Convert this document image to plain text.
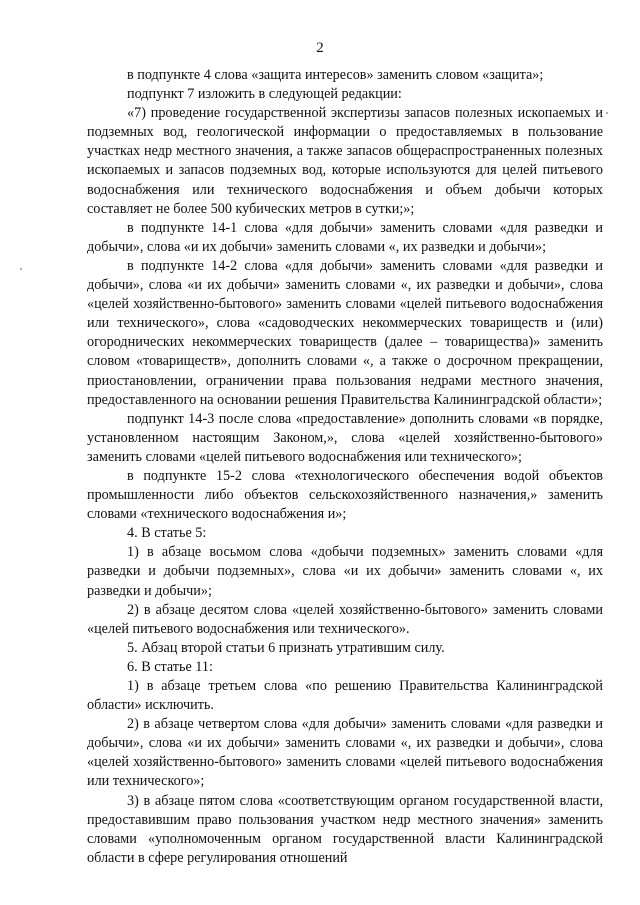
2

в подпункте 4 слова «защита интересов» заменить словом «защита»;

подпункт 7 изложить в следующей редакции:

«7) проведение государственной экспертизы запасов полезных ископаемых и подземных вод, геологической информации о предоставляемых в пользование участках недр местного значения, а также запасов общераспространенных полезных ископаемых и запасов подземных вод, которые используются для целей питьевого водоснабжения или технического водоснабжения и объем добычи которых составляет не более 500 кубических метров в сутки;»;

в подпункте 14-1 слова «для добычи» заменить словами «для разведки и добычи», слова «и их добычи» заменить словами «, их разведки и добычи»;

в подпункте 14-2 слова «для добычи» заменить словами «для разведки и добычи», слова «и их добычи» заменить словами «, их разведки и добычи», слова «целей хозяйственно-бытового» заменить словами «целей питьевого водоснабжения или технического», слова «садоводческих некоммерческих товариществ и (или) огороднических некоммерческих товариществ (далее – товарищества)» заменить словом «товариществ», дополнить словами «, а также о досрочном прекращении, приостановлении, ограничении права пользования недрами местного значения, предоставленного на основании решения Правительства Калининградской области»;

подпункт 14-3 после слова «предоставление» дополнить словами «в порядке, установленном настоящим Законом,», слова «целей хозяйственно-бытового» заменить словами «целей питьевого водоснабжения или технического»;

в подпункте 15-2 слова «технологического обеспечения водой объектов промышленности либо объектов сельскохозяйственного назначения,» заменить словами «технического водоснабжения и»;

4. В статье 5:

1) в абзаце восьмом слова «добычи подземных» заменить словами «для разведки и добычи подземных», слова «и их добычи» заменить словами «, их разведки и добычи»;

2) в абзаце десятом слова «целей хозяйственно-бытового» заменить словами «целей питьевого водоснабжения или технического».

5. Абзац второй статьи 6 признать утратившим силу.

6. В статье 11:

1) в абзаце третьем слова «по решению Правительства Калининградской области» исключить.

2) в абзаце четвертом слова «для добычи» заменить словами «для разведки и добычи», слова «и их добычи» заменить словами «, их разведки и добычи», слова «целей хозяйственно-бытового» заменить словами «целей питьевого водоснабжения или технического»;

3) в абзаце пятом слова «соответствующим органом государственной власти, предоставившим право пользования участком недр местного значения» заменить словами «уполномоченным органом государственной власти Калининградской области в сфере регулирования отношений
